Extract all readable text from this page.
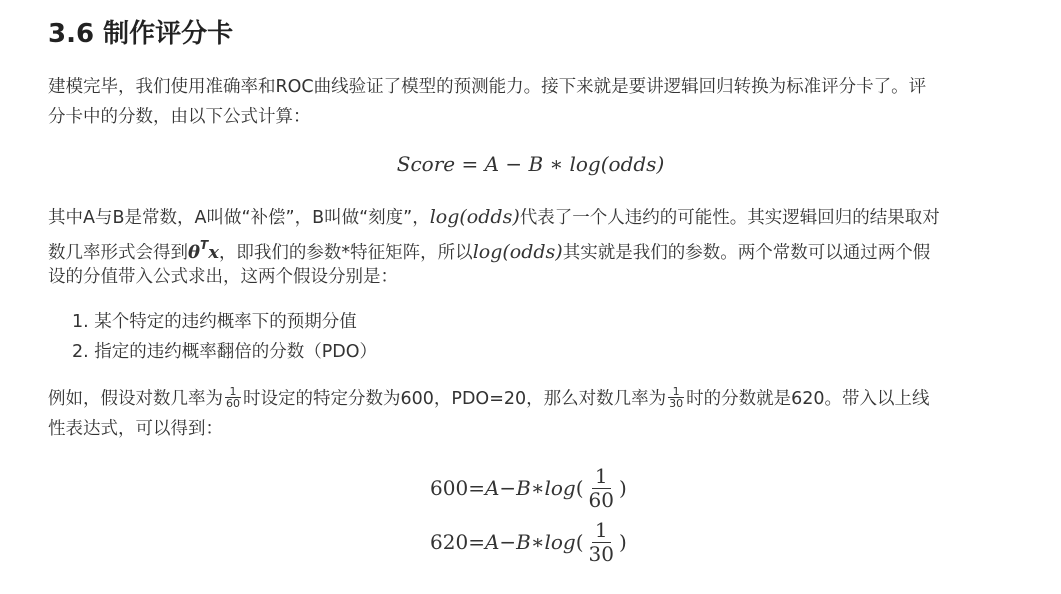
3.6 制作评分卡

建模完毕，我们使用准确率和ROC曲线验证了模型的预测能力。接下来就是要讲逻辑回归转换为标准评分卡了。评

分卡中的分数，由以下公式计算：

Score = A − B ∗ log(odds)

其中A与B是常数，A叫做“补偿”，B叫做“刻度”，log(odds)代表了一个人违约的可能性。其实逻辑回归的结果取对

数几率形式会得到$\theta^Tx$，即我们的参数*特征矩阵，所以log(odds)其实就是我们的参数。两个常数可以通过两个假

设的分值带入公式求出，这两个假设分别是：

1. 某个特定的违约概率下的预期分值
2. 指定的违约概率翻倍的分数（PDO）

例如，假设对数几率为 $\frac{1}{60}$ 时设定的特定分数为600，PDO=20，那么对数几率为 $\frac{1}{30}$ 时的分数就是620。带入以上线

性表达式，可以得到：

600 = A − B ∗ log ( $\frac{1}{60}$ )
620 = A − B ∗ log ( $\frac{1}{30}$ )
